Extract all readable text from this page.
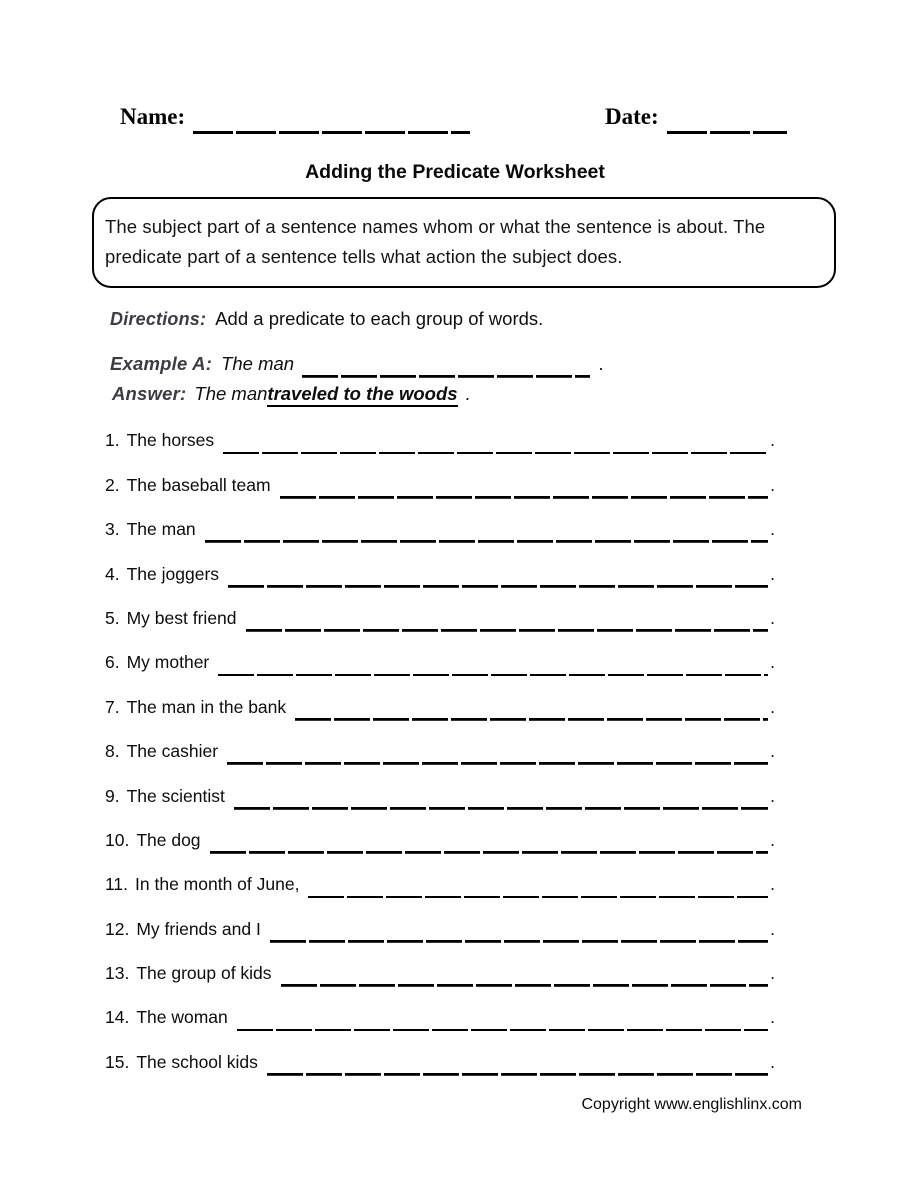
Name:	Date:
Adding the Predicate Worksheet

The subject part of a sentence names whom or what the sentence is about. The predicate part of a sentence tells what action the subject does.

Directions: Add a predicate to each group of words.
Example A: The man	.
Answer: The man traveled to the woods .
1. The horses	.
2. The baseball team	.
3. The man	.
4. The joggers	.
5. My best friend	.
6. My mother	.
7. The man in the bank	.
8. The cashier	.
9. The scientist	.
10. The dog	.
11. In the month of June,	.
12. My friends and I	.
13. The group of kids	.
14. The woman	.
15. The school kids	.
Copyright www.englishlinx.com
